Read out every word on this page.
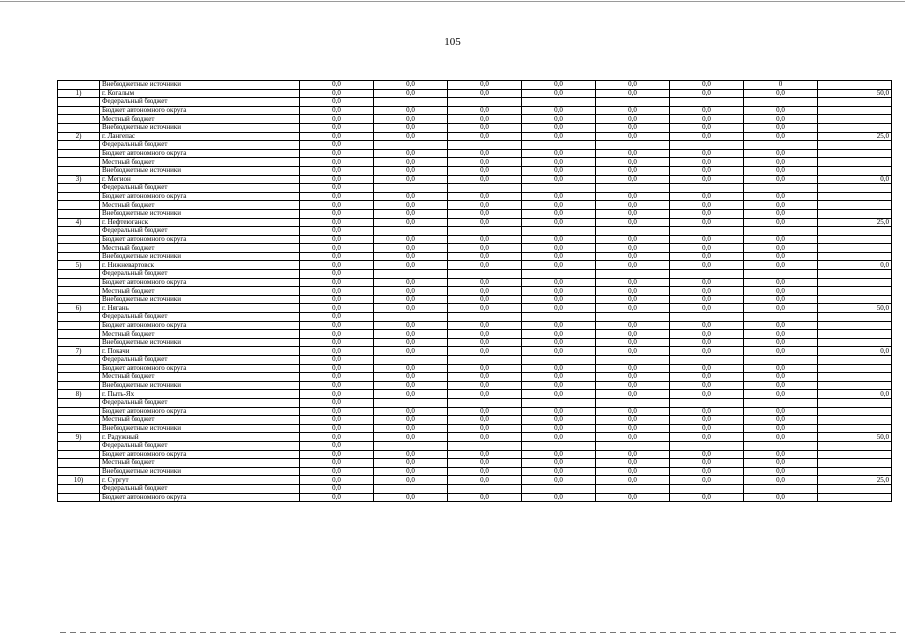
105
	Внебюджетные источники	0,0	0,0	0,0	0,0	0,0	0,0	0	
1)	г. Когалым	0,0	0,0	0,0	0,0	0,0	0,0	0,0	50,0
	Федеральный бюджет	0,0							
	Бюджет автономного округа	0,0	0,0	0,0	0,0	0,0	0,0	0,0	
	Местный бюджет	0,0	0,0	0,0	0,0	0,0	0,0	0,0	
	Внебюджетные источники	0,0	0,0	0,0	0,0	0,0	0,0	0,0	
2)	г. Лангепас	0,0	0,0	0,0	0,0	0,0	0,0	0,0	25,0
	Федеральный бюджет	0,0							
	Бюджет автономного округа	0,0	0,0	0,0	0,0	0,0	0,0	0,0	
	Местный бюджет	0,0	0,0	0,0	0,0	0,0	0,0	0,0	
	Внебюджетные источники	0,0	0,0	0,0	0,0	0,0	0,0	0,0	
3)	г. Мегион	0,0	0,0	0,0	0,0	0,0	0,0	0,0	0,0
	Федеральный бюджет	0,0							
	Бюджет автономного округа	0,0	0,0	0,0	0,0	0,0	0,0	0,0	
	Местный бюджет	0,0	0,0	0,0	0,0	0,0	0,0	0,0	
	Внебюджетные источники	0,0	0,0	0,0	0,0	0,0	0,0	0,0	
4)	г. Нефтеюганск	0,0	0,0	0,0	0,0	0,0	0,0	0,0	25,0
	Федеральный бюджет	0,0							
	Бюджет автономного округа	0,0	0,0	0,0	0,0	0,0	0,0	0,0	
	Местный бюджет	0,0	0,0	0,0	0,0	0,0	0,0	0,0	
	Внебюджетные источники	0,0	0,0	0,0	0,0	0,0	0,0	0,0	
5)	г. Нижневартовск	0,0	0,0	0,0	0,0	0,0	0,0	0,0	0,0
	Федеральный бюджет	0,0							
	Бюджет автономного округа	0,0	0,0	0,0	0,0	0,0	0,0	0,0	
	Местный бюджет	0,0	0,0	0,0	0,0	0,0	0,0	0,0	
	Внебюджетные источники	0,0	0,0	0,0	0,0	0,0	0,0	0,0	
6)	г. Нягань	0,0	0,0	0,0	0,0	0,0	0,0	0,0	50,0
	Федеральный бюджет	0,0							
	Бюджет автономного округа	0,0	0,0	0,0	0,0	0,0	0,0	0,0	
	Местный бюджет	0,0	0,0	0,0	0,0	0,0	0,0	0,0	
	Внебюджетные источники	0,0	0,0	0,0	0,0	0,0	0,0	0,0	
7)	г. Покачи	0,0	0,0	0,0	0,0	0,0	0,0	0,0	0,0
	Федеральный бюджет	0,0							
	Бюджет автономного округа	0,0	0,0	0,0	0,0	0,0	0,0	0,0	
	Местный бюджет	0,0	0,0	0,0	0,0	0,0	0,0	0,0	
	Внебюджетные источники	0,0	0,0	0,0	0,0	0,0	0,0	0,0	
8)	г. Пыть-Ях	0,0	0,0	0,0	0,0	0,0	0,0	0,0	0,0
	Федеральный бюджет	0,0							
	Бюджет автономного округа	0,0	0,0	0,0	0,0	0,0	0,0	0,0	
	Местный бюджет	0,0	0,0	0,0	0,0	0,0	0,0	0,0	
	Внебюджетные источники	0,0	0,0	0,0	0,0	0,0	0,0	0,0	
9)	г. Радужный	0,0	0,0	0,0	0,0	0,0	0,0	0,0	50,0
	Федеральный бюджет	0,0							
	Бюджет автономного округа	0,0	0,0	0,0	0,0	0,0	0,0	0,0	
	Местный бюджет	0,0	0,0	0,0	0,0	0,0	0,0	0,0	
	Внебюджетные источники	0,0	0,0	0,0	0,0	0,0	0,0	0,0	
10)	г. Сургут	0,0	0,0	0,0	0,0	0,0	0,0	0,0	25,0
	Федеральный бюджет	0,0							
	Бюджет автономного округа	0,0	0,0	0,0	0,0	0,0	0,0	0,0	
